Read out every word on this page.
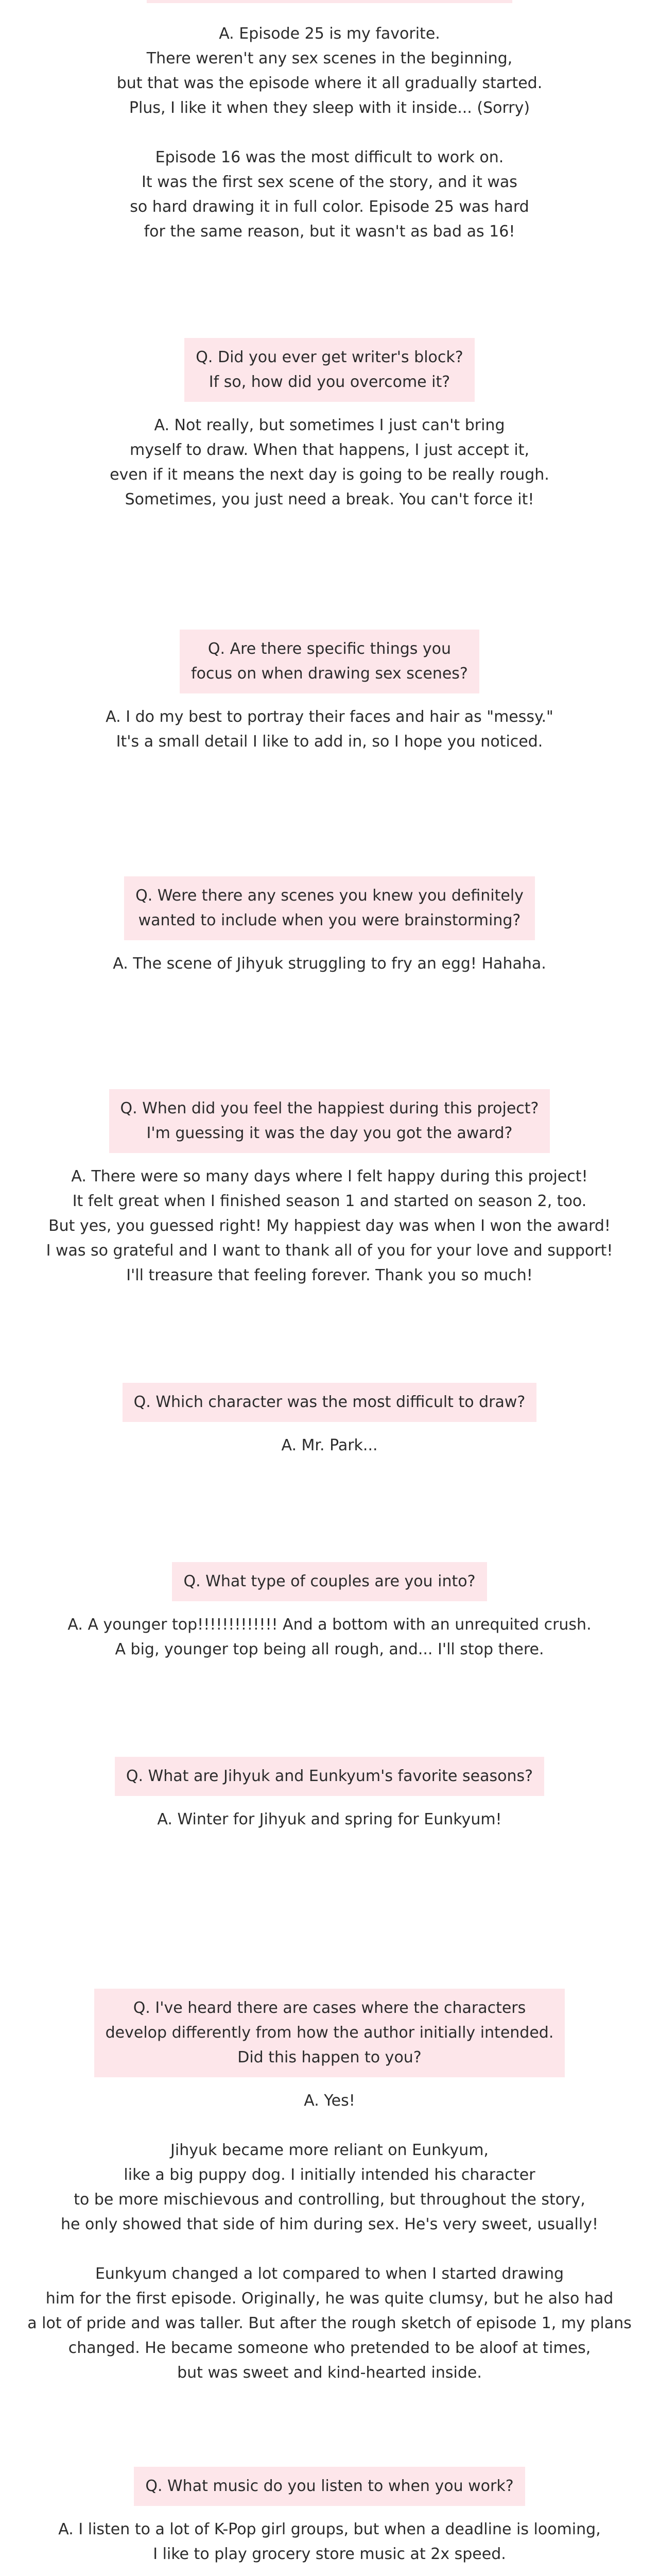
A. Episode 25 is my favorite.
There weren't any sex scenes in the beginning,
but that was the episode where it all gradually started.
Plus, I like it when they sleep with it inside... (Sorry)

Episode 16 was the most difficult to work on.
It was the first sex scene of the story, and it was
so hard drawing it in full color. Episode 25 was hard
for the same reason, but it wasn't as bad as 16!

Q. Did you ever get writer's block?
If so, how did you overcome it?

A. Not really, but sometimes I just can't bring
myself to draw. When that happens, I just accept it,
even if it means the next day is going to be really rough.
Sometimes, you just need a break. You can't force it!

Q. Are there specific things you
focus on when drawing sex scenes?

A. I do my best to portray their faces and hair as "messy."
It's a small detail I like to add in, so I hope you noticed.

Q. Were there any scenes you knew you definitely
wanted to include when you were brainstorming?

A. The scene of Jihyuk struggling to fry an egg! Hahaha.

Q. When did you feel the happiest during this project?
I'm guessing it was the day you got the award?

A. There were so many days where I felt happy during this project!
It felt great when I finished season 1 and started on season 2, too.
But yes, you guessed right! My happiest day was when I won the award!
I was so grateful and I want to thank all of you for your love and support!
I'll treasure that feeling forever. Thank you so much!

Q. Which character was the most difficult to draw?

A. Mr. Park...

Q. What type of couples are you into?

A. A younger top!!!!!!!!!!!!! And a bottom with an unrequited crush.
A big, younger top being all rough, and... I'll stop there.

Q. What are Jihyuk and Eunkyum's favorite seasons?

A. Winter for Jihyuk and spring for Eunkyum!

Q. I've heard there are cases where the characters
develop differently from how the author initially intended.
Did this happen to you?

A. Yes!

Jihyuk became more reliant on Eunkyum,
like a big puppy dog. I initially intended his character
to be more mischievous and controlling, but throughout the story,
he only showed that side of him during sex. He's very sweet, usually!

Eunkyum changed a lot compared to when I started drawing
him for the first episode. Originally, he was quite clumsy, but he also had
a lot of pride and was taller. But after the rough sketch of episode 1, my plans
changed. He became someone who pretended to be aloof at times,
but was sweet and kind-hearted inside.

Q. What music do you listen to when you work?

A. I listen to a lot of K-Pop girl groups, but when a deadline is looming,
I like to play grocery store music at 2x speed.
